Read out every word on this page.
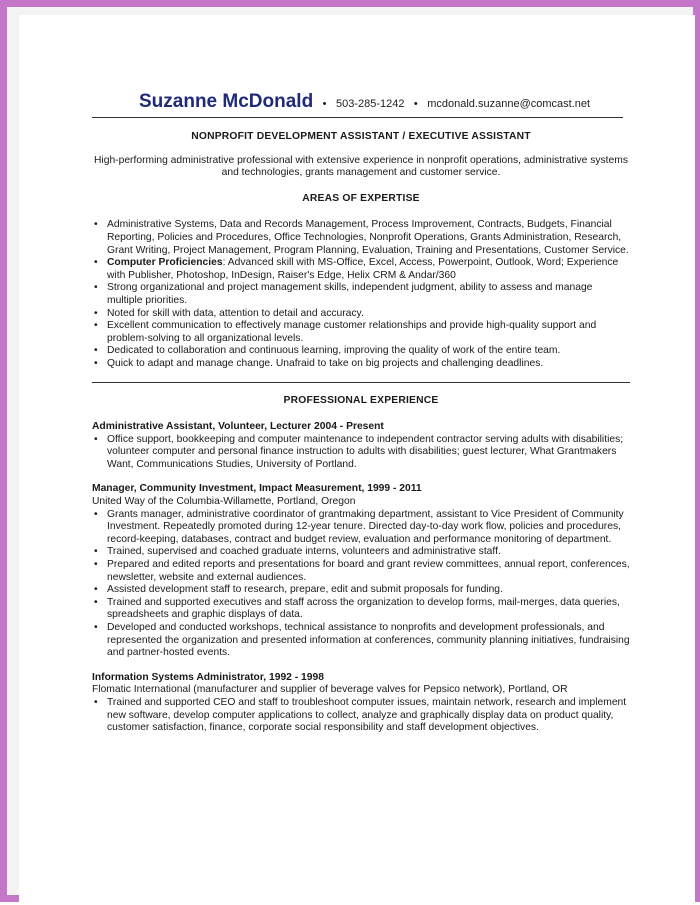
Suzanne McDonald • 503-285-1242 • mcdonald.suzanne@comcast.net
NONPROFIT DEVELOPMENT ASSISTANT / EXECUTIVE ASSISTANT
High-performing administrative professional with extensive experience in nonprofit operations, administrative systems and technologies, grants management and customer service.
AREAS OF EXPERTISE
• Administrative Systems, Data and Records Management, Process Improvement, Contracts, Budgets, Financial Reporting, Policies and Procedures, Office Technologies, Nonprofit Operations, Grants Administration, Research, Grant Writing, Project Management, Program Planning, Evaluation, Training and Presentations, Customer Service.
• Computer Proficiencies: Advanced skill with MS-Office, Excel, Access, Powerpoint, Outlook, Word; Experience with Publisher, Photoshop, InDesign, Raiser's Edge, Helix CRM & Andar/360
• Strong organizational and project management skills, independent judgment, ability to assess and manage multiple priorities.
• Noted for skill with data, attention to detail and accuracy.
• Excellent communication to effectively manage customer relationships and provide high-quality support and problem-solving to all organizational levels.
• Dedicated to collaboration and continuous learning, improving the quality of work of the entire team.
• Quick to adapt and manage change. Unafraid to take on big projects and challenging deadlines.
PROFESSIONAL EXPERIENCE
Administrative Assistant, Volunteer, Lecturer 2004 - Present
• Office support, bookkeeping and computer maintenance to independent contractor serving adults with disabilities; volunteer computer and personal finance instruction to adults with disabilities; guest lecturer, What Grantmakers Want, Communications Studies, University of Portland.
Manager, Community Investment, Impact Measurement, 1999 - 2011
United Way of the Columbia-Willamette, Portland, Oregon
• Grants manager, administrative coordinator of grantmaking department, assistant to Vice President of Community Investment. Repeatedly promoted during 12-year tenure. Directed day-to-day work flow, policies and procedures, record-keeping, databases, contract and budget review, evaluation and performance monitoring of department.
• Trained, supervised and coached graduate interns, volunteers and administrative staff.
• Prepared and edited reports and presentations for board and grant review committees, annual report, conferences, newsletter, website and external audiences.
• Assisted development staff to research, prepare, edit and submit proposals for funding.
• Trained and supported executives and staff across the organization to develop forms, mail-merges, data queries, spreadsheets and graphic displays of data.
• Developed and conducted workshops, technical assistance to nonprofits and development professionals, and represented the organization and presented information at conferences, community planning initiatives, fundraising and partner-hosted events.
Information Systems Administrator, 1992 - 1998
Flomatic International (manufacturer and supplier of beverage valves for Pepsico network), Portland, OR
• Trained and supported CEO and staff to troubleshoot computer issues, maintain network, research and implement new software, develop computer applications to collect, analyze and graphically display data on product quality, customer satisfaction, finance, corporate social responsibility and staff development objectives.
